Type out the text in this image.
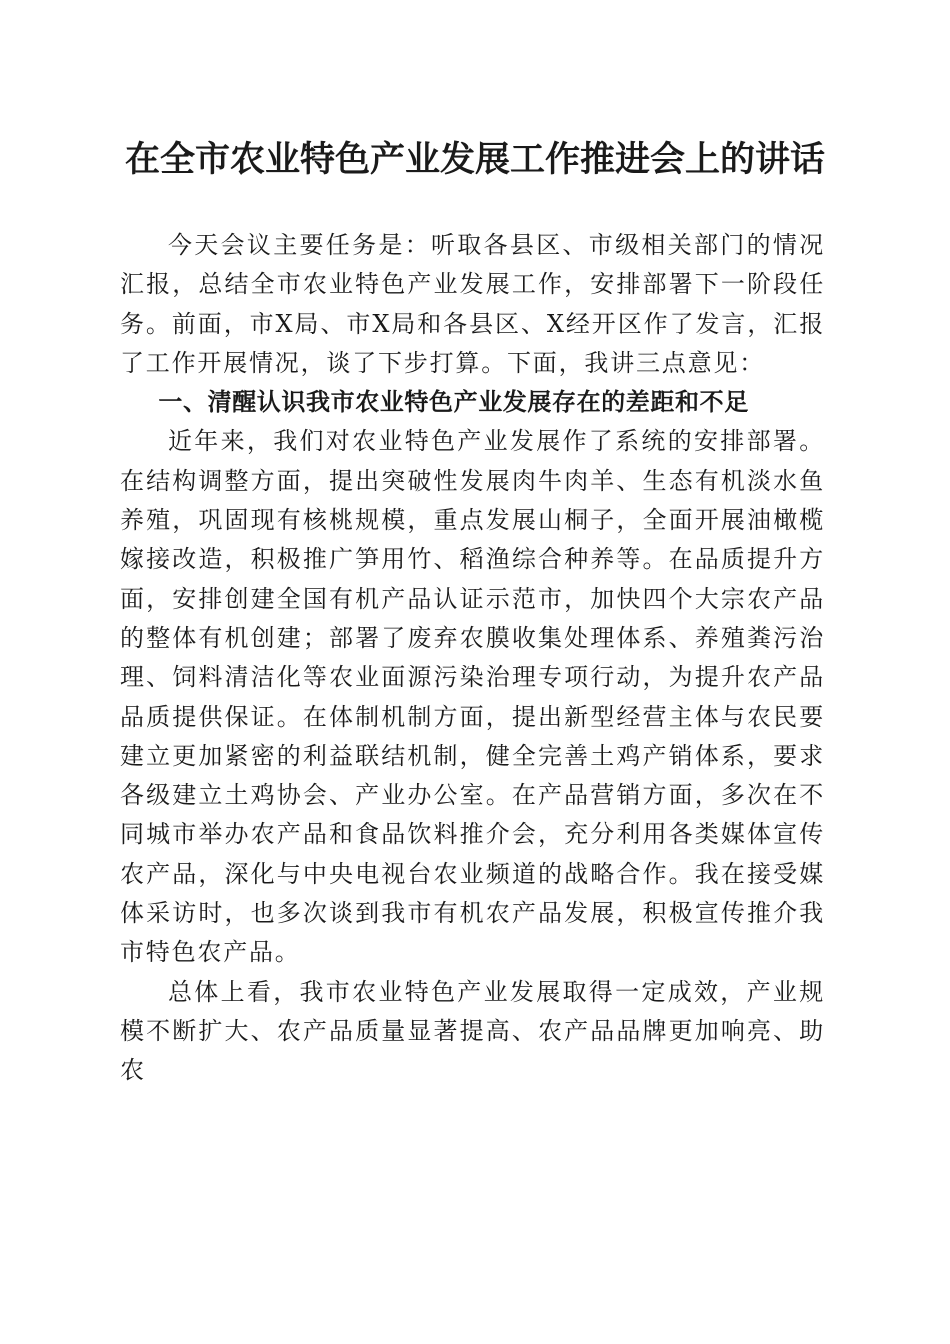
在全市农业特色产业发展工作推进会上的讲话

今天会议主要任务是：听取各县区、市级相关部门的情况汇报，总结全市农业特色产业发展工作，安排部署下一阶段任务。前面，市X局、市X局和各县区、X经开区作了发言，汇报了工作开展情况，谈了下步打算。下面，我讲三点意见：

一、清醒认识我市农业特色产业发展存在的差距和不足

近年来，我们对农业特色产业发展作了系统的安排部署。在结构调整方面，提出突破性发展肉牛肉羊、生态有机淡水鱼养殖，巩固现有核桃规模，重点发展山桐子，全面开展油橄榄嫁接改造，积极推广笋用竹、稻渔综合种养等。在品质提升方面，安排创建全国有机产品认证示范市，加快四个大宗农产品的整体有机创建；部署了废弃农膜收集处理体系、养殖粪污治理、饲料清洁化等农业面源污染治理专项行动，为提升农产品品质提供保证。在体制机制方面，提出新型经营主体与农民要建立更加紧密的利益联结机制，健全完善土鸡产销体系，要求各级建立土鸡协会、产业办公室。在产品营销方面，多次在不同城市举办农产品和食品饮料推介会，充分利用各类媒体宣传农产品，深化与中央电视台农业频道的战略合作。我在接受媒体采访时，也多次谈到我市有机农产品发展，积极宣传推介我市特色农产品。

总体上看，我市农业特色产业发展取得一定成效，产业规模不断扩大、农产品质量显著提高、农产品品牌更加响亮、助农
